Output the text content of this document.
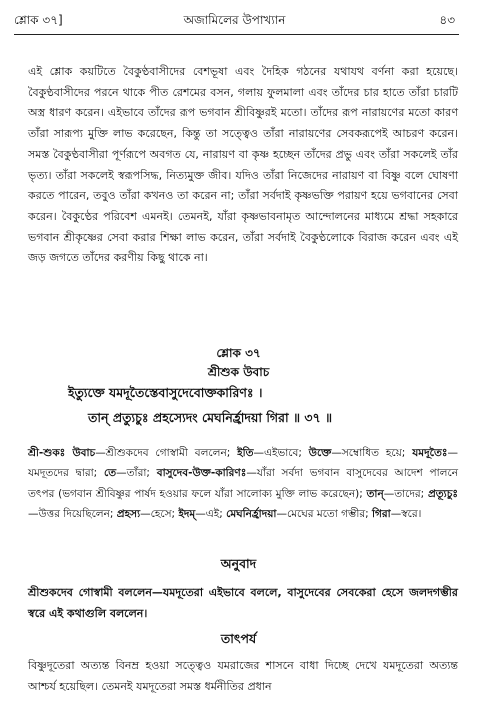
শ্লোক ৩৭]	অজামিলের উপাখ্যান	৪৩

এই শ্লোক কয়টিতে বৈকুণ্ঠবাসীদের বেশভূষা এবং দৈহিক গঠনের যথাযথ বর্ণনা করা হয়েছে। বৈকুণ্ঠবাসীদের পরনে থাকে পীত রেশমের বসন, গলায় ফুলমালা এবং তাঁদের চার হাতে তাঁরা চারটি অস্ত্র ধারণ করেন। এইভাবে তাঁদের রূপ ভগবান শ্রীবিষ্ণুরই মতো। তাঁদের রূপ নারায়ণের মতো কারণ তাঁরা সারূপ্য মুক্তি লাভ করেছেন, কিন্তু তা সত্ত্বেও তাঁরা নারায়ণের সেবকরূপেই আচরণ করেন। সমস্ত বৈকুণ্ঠবাসীরা পূর্ণরূপে অবগত যে, নারায়ণ বা কৃষ্ণ হচ্ছেন তাঁদের প্রভু এবং তাঁরা সকলেই তাঁর ভৃত্য। তাঁরা সকলেই স্বরূপসিদ্ধ, নিত্যমুক্ত জীব। যদিও তাঁরা নিজেদের নারায়ণ বা বিষ্ণু বলে ঘোষণা করতে পারেন, তবুও তাঁরা কখনও তা করেন না; তাঁরা সর্বদাই কৃষ্ণভক্তি পরায়ণ হয়ে ভগবানের সেবা করেন। বৈকুণ্ঠের পরিবেশ এমনই। তেমনই, যাঁরা কৃষ্ণভাবনামৃত আন্দোলনের মাধ্যমে শ্রদ্ধা সহকারে ভগবান শ্রীকৃষ্ণের সেবা করার শিক্ষা লাভ করেন, তাঁরা সর্বদাই বৈকুণ্ঠলোকে বিরাজ করেন এবং এই জড় জগতে তাঁদের করণীয় কিছু থাকে না।

শ্লোক ৩৭
শ্রীশুক উবাচ
ইত্যুক্তে যমদূতৈস্তেবাসুদেবোক্তকারিণঃ ।
তান্ প্রত্যুচুঃ প্রহস্যেদং মেঘনির্হ্রাদয়া গিরা ॥ ৩৭ ॥

শ্রী-শুকঃ উবাচ—শ্রীশুকদেব গোস্বামী বললেন; ইতি—এইভাবে; উক্তে—সম্বোধিত হয়ে; যমদূতৈঃ—যমদূতদের দ্বারা; তে—তাঁরা; বাসুদেব-উক্ত-কারিণঃ—যাঁরা সর্বদা ভগবান বাসুদেবের আদেশ পালনে তৎপর (ভগবান শ্রীবিষ্ণুর পার্ষদ হওয়ার ফলে যাঁরা সালোক্য মুক্তি লাভ করেছেন); তান্—তাদের; প্রত্যূচুঃ—উত্তর দিয়েছিলেন; প্রহস্য—হেসে; ইদম্—এই; মেঘনির্হ্রাদয়া—মেঘের মতো গম্ভীর; গিরা—স্বরে।

অনুবাদ

শ্রীশুকদেব গোস্বামী বললেন—যমদূতেরা এইভাবে বললে, বাসুদেবের সেবকেরা হেসে জলদগম্ভীর স্বরে এই কথাগুলি বললেন।

তাৎপর্য

বিষ্ণুদূতেরা অত্যন্ত বিনম্র হওয়া সত্ত্বেও যমরাজের শাসনে বাধা দিচ্ছে দেখে যমদূতেরা অত্যন্ত আশ্চর্য হয়েছিল। তেমনই যমদূতেরা সমস্ত ধর্মনীতির প্রধান
